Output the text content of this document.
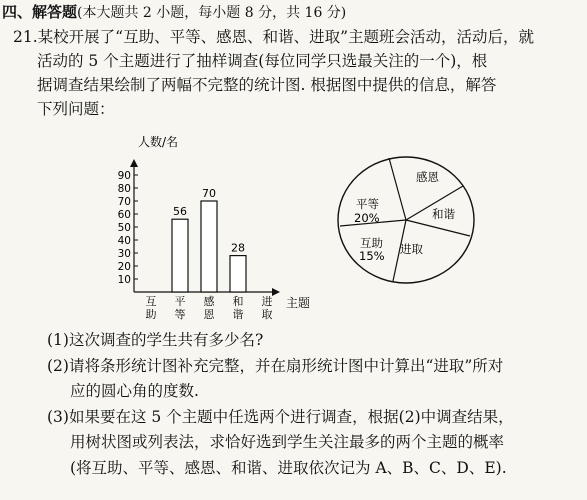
四、解答题(本大题共 2 小题，每小题 8 分，共 16 分)
21.某校开展了“互助、平等、感恩、和谐、进取”主题班会活动，活动后，就
活动的 5 个主题进行了抽样调查(每位同学只选最关注的一个)，根
据调查结果绘制了两幅不完整的统计图. 根据图中提供的信息，解答
下列问题：
10
20
30
40
50
60
70
80
90
56
70
28
互
助
平
等
感
恩
和
谐
进
取
人数/名
主题
感恩
和谐
进取
互助
15%
平等
20%
(1)这次调查的学生共有多少名?
(2)请将条形统计图补充完整，并在扇形统计图中计算出“进取”所对
应的圆心角的度数.
(3)如果要在这 5 个主题中任选两个进行调查，根据(2)中调查结果，
用树状图或列表法，求恰好选到学生关注最多的两个主题的概率
(将互助、平等、感恩、和谐、进取依次记为 A、B、C、D、E).
